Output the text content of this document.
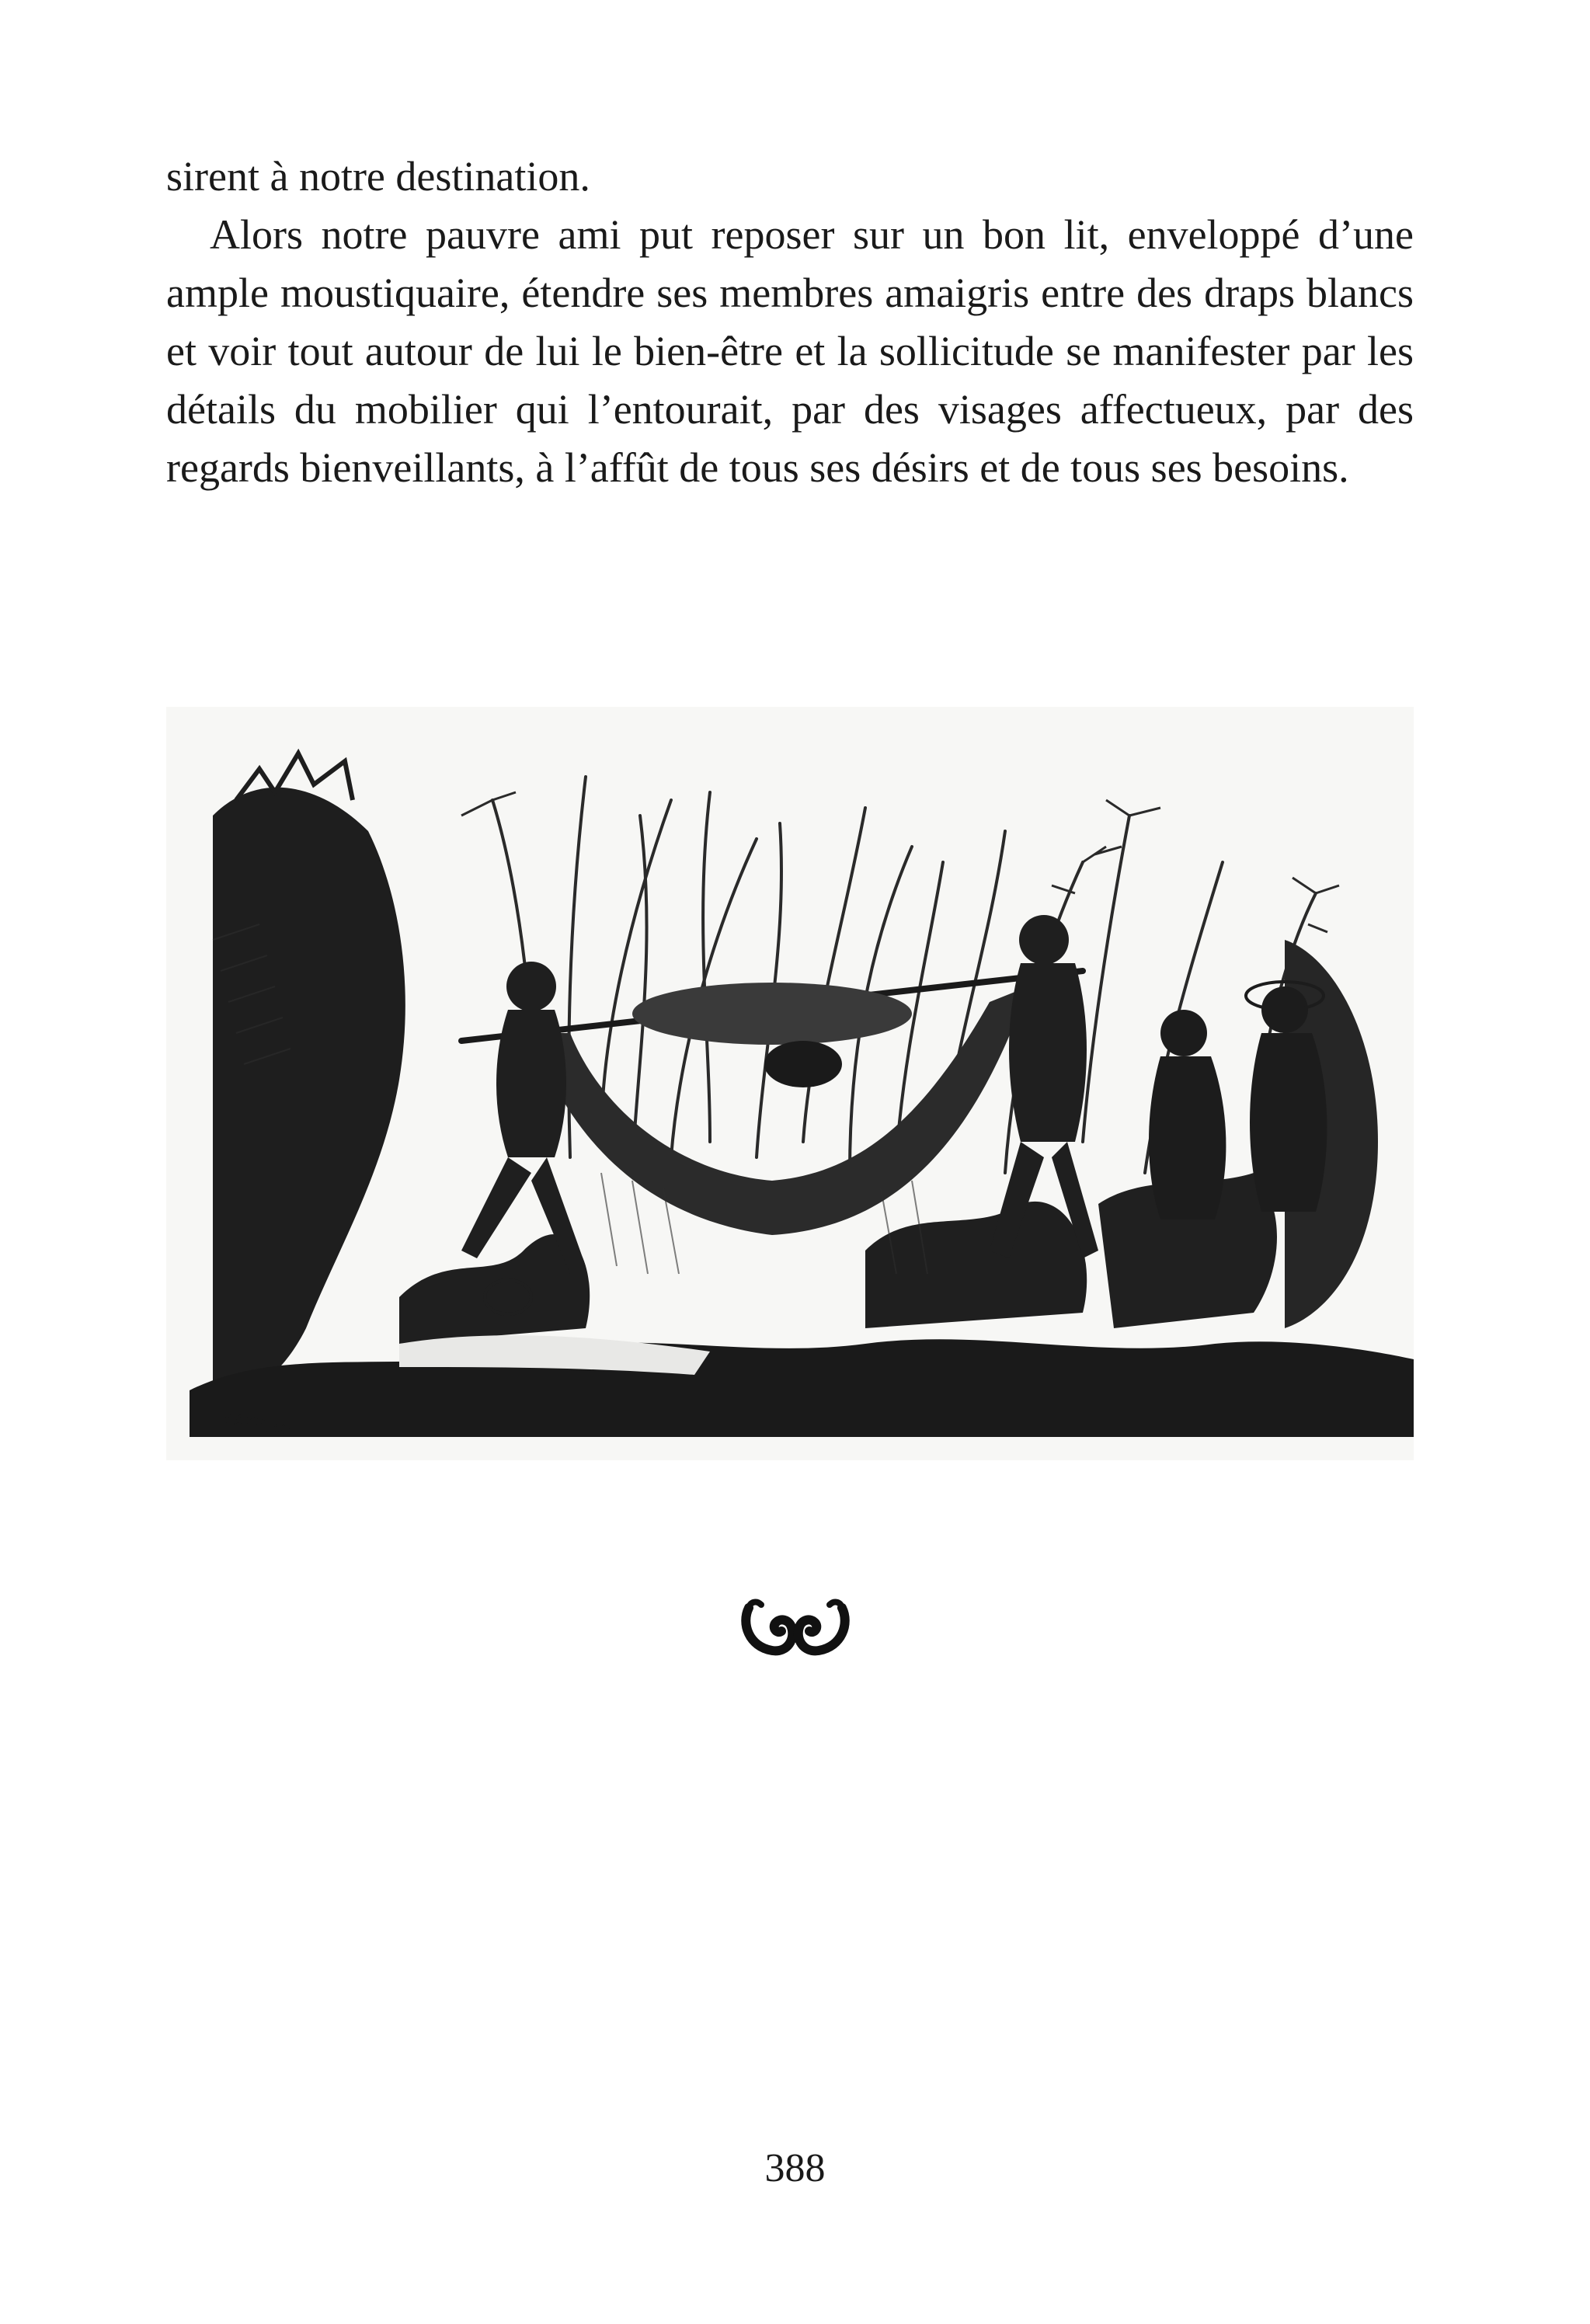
sirent à notre destination.

Alors notre pauvre ami put reposer sur un bon lit, enveloppé d’une ample moustiquaire, étendre ses membres amaigris entre des draps blancs et voir tout autour de lui le bien-être et la sollicitude se manifester par les détails du mobilier qui l’entourait, par des visages affectueux, par des regards bienveillants, à l’affût de tous ses désirs et de tous ses besoins.

MATH: Gr
388
